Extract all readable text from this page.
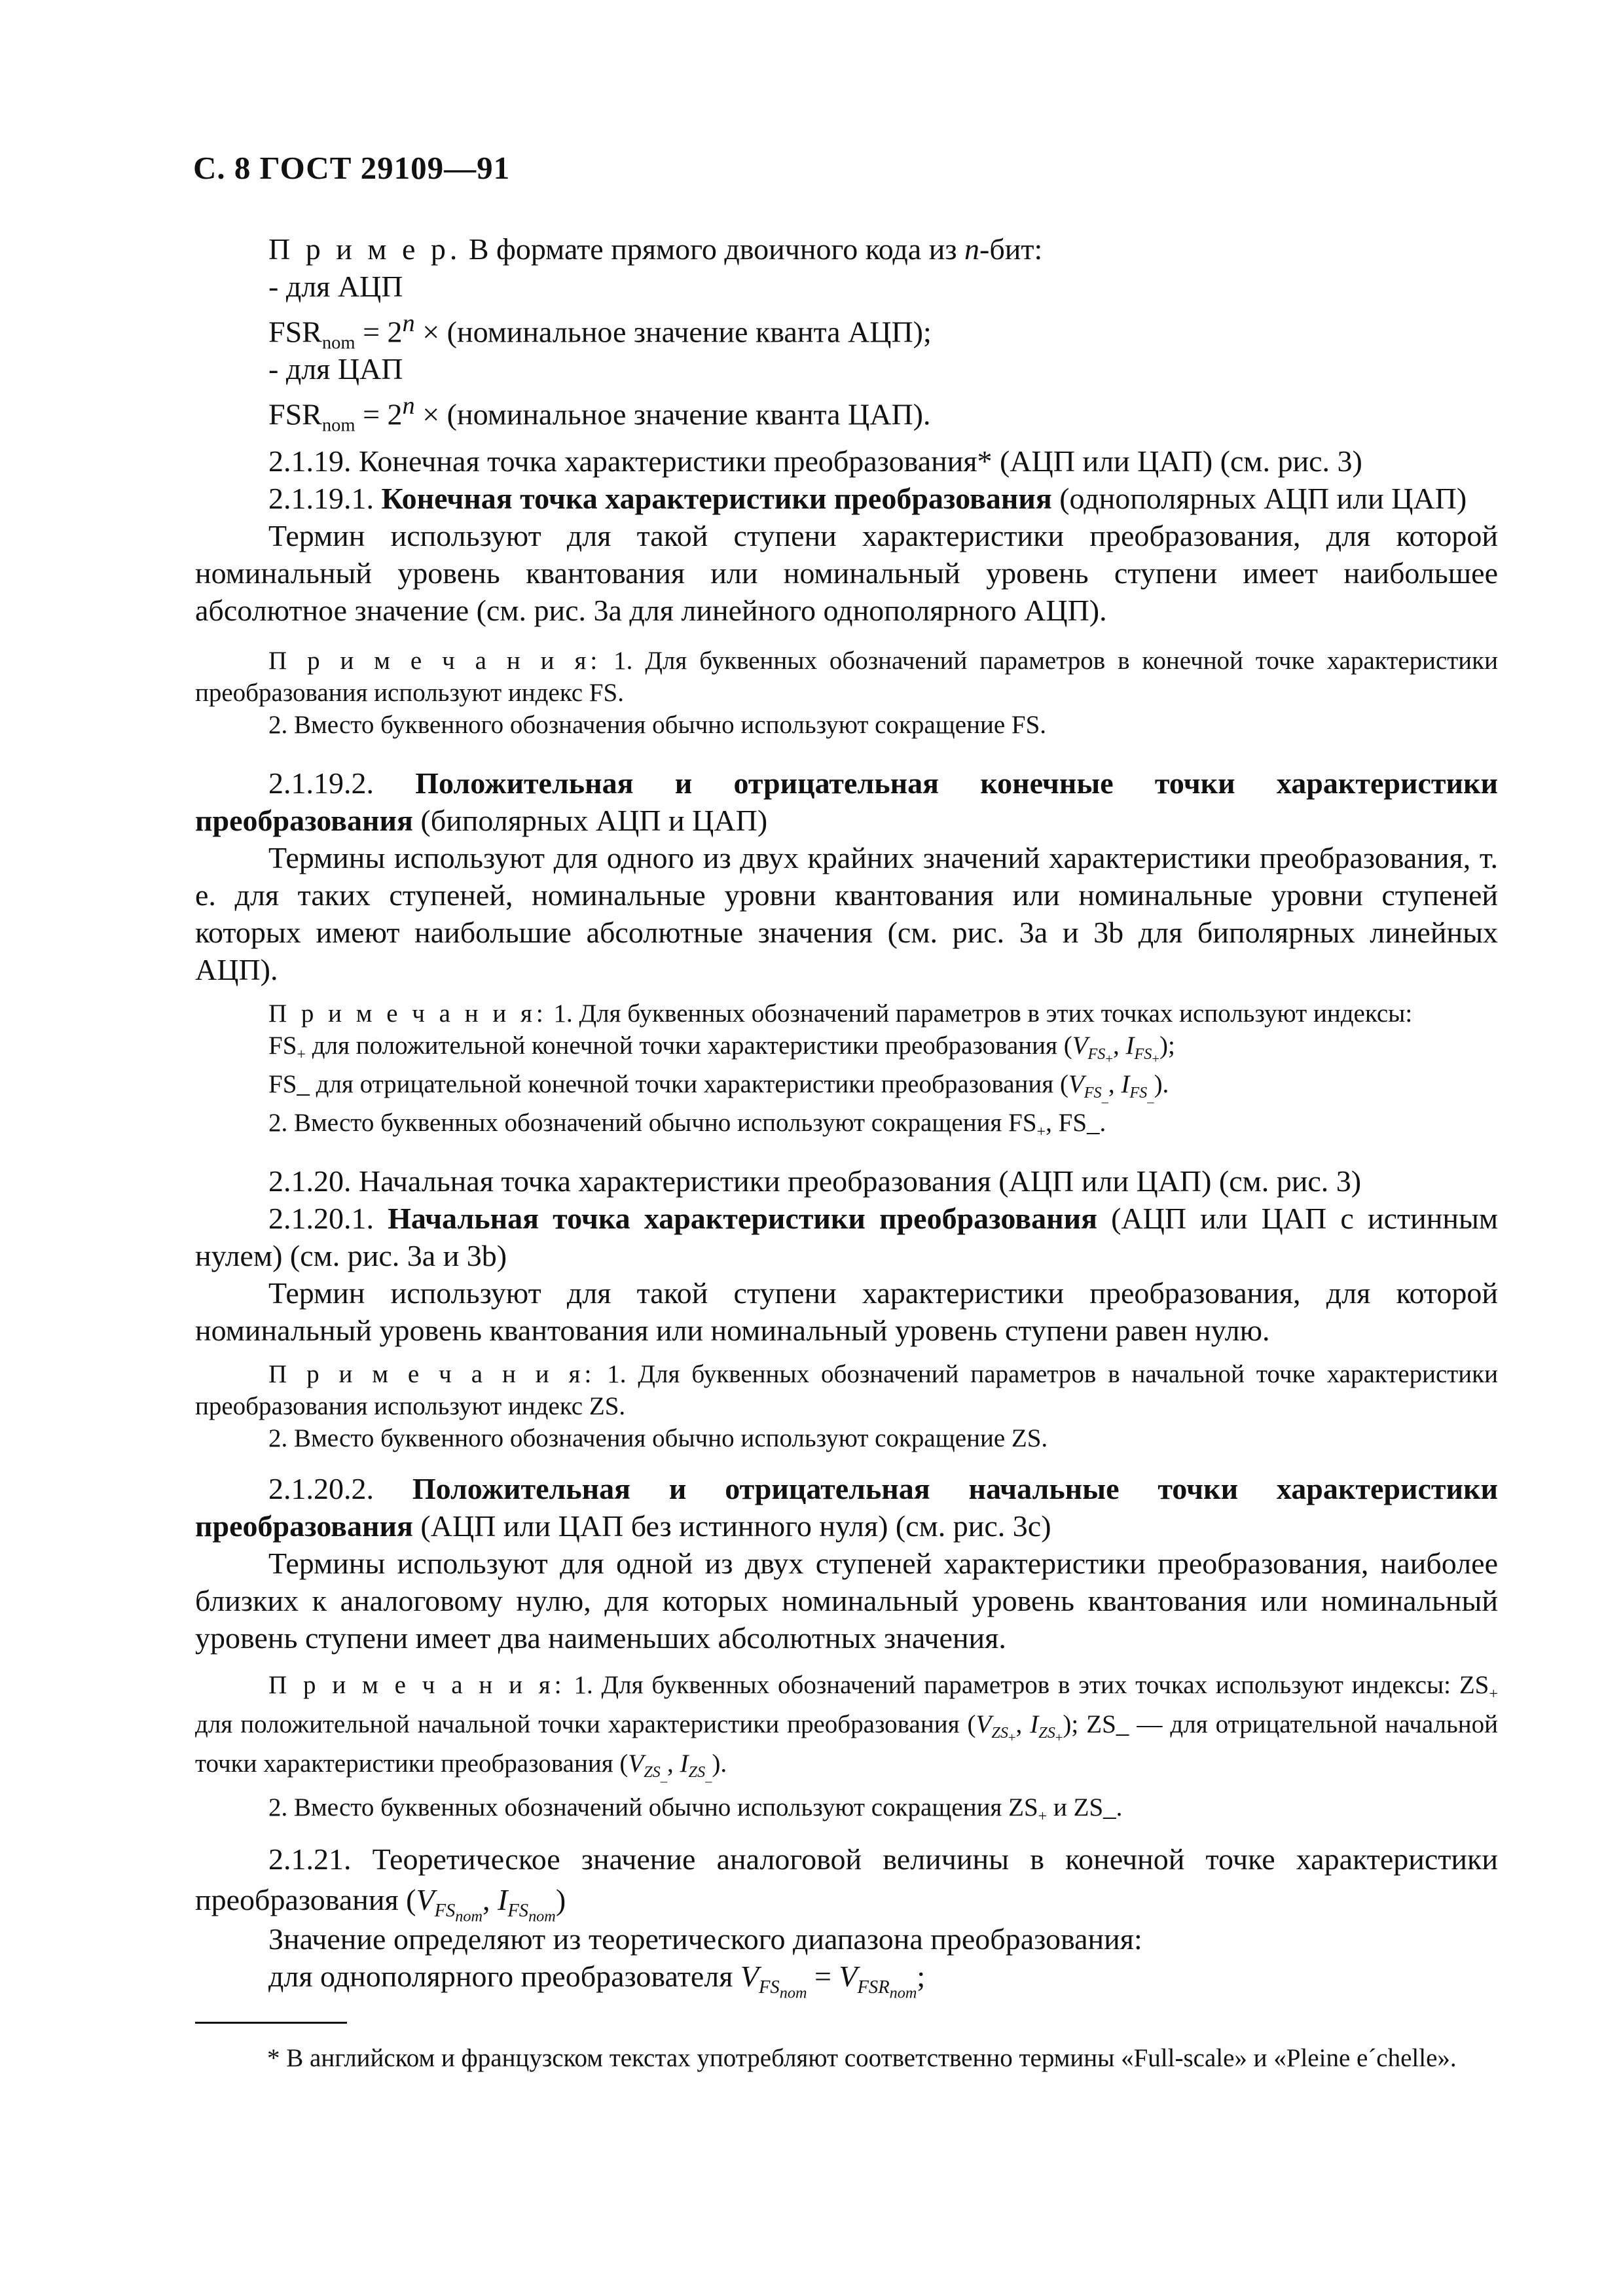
С. 8 ГОСТ 29109—91

П р и м е р. В формате прямого двоичного кода из n-бит:

- для АЦП

$FSR_{nom} = 2^n$ × (номинальное значение кванта АЦП);

- для ЦАП

$FSR_{nom} = 2^n$ × (номинальное значение кванта ЦАП).

2.1.19. Конечная точка характеристики преобразования* (АЦП или ЦАП) (см. рис. 3)

2.1.19.1. Конечная точка характеристики преобразования (однополярных АЦП или ЦАП)

Термин используют для такой ступени характеристики преобразования, для которой номинальный уровень квантования или номинальный уровень ступени имеет наибольшее абсолютное значение (см. рис. 3а для линейного однополярного АЦП).

П р и м е ч а н и я: 1. Для буквенных обозначений параметров в конечной точке характеристики преобразования используют индекс FS.

2. Вместо буквенного обозначения обычно используют сокращение FS.

2.1.19.2. Положительная и отрицательная конечные точки характеристики преобразования (биполярных АЦП и ЦАП)

Термины используют для одного из двух крайних значений характеристики преобразования, т. е. для таких ступеней, номинальные уровни квантования или номинальные уровни ступеней которых имеют наибольшие абсолютные значения (см. рис. 3а и 3b для биполярных линейных АЦП).

П р и м е ч а н и я: 1. Для буквенных обозначений параметров в этих точках используют индексы:

$FS_+$ для положительной конечной точки характеристики преобразования ($V_{FS_+}$, $I_{FS_+}$);

FS_ для отрицательной конечной точки характеристики преобразования ($V_{FS_{\_}}$, $I_{FS_{\_}}$).

2. Вместо буквенных обозначений обычно используют сокращения $FS_+$, FS_.

2.1.20. Начальная точка характеристики преобразования (АЦП или ЦАП) (см. рис. 3)

2.1.20.1. Начальная точка характеристики преобразования (АЦП или ЦАП с истинным нулем) (см. рис. 3а и 3b)

Термин используют для такой ступени характеристики преобразования, для которой номинальный уровень квантования или номинальный уровень ступени равен нулю.

П р и м е ч а н и я: 1. Для буквенных обозначений параметров в начальной точке характеристики преобразования используют индекс ZS.

2. Вместо буквенного обозначения обычно используют сокращение ZS.

2.1.20.2. Положительная и отрицательная начальные точки характеристики преобразования (АЦП или ЦАП без истинного нуля) (см. рис. 3с)

Термины используют для одной из двух ступеней характеристики преобразования, наиболее близких к аналоговому нулю, для которых номинальный уровень квантования или номинальный уровень ступени имеет два наименьших абсолютных значения.

П р и м е ч а н и я: 1. Для буквенных обозначений параметров в этих точках используют индексы: $ZS_+$ для положительной начальной точки характеристики преобразования ($V_{ZS_+}$, $I_{ZS_+}$); ZS_ — для отрицательной начальной точки характеристики преобразования ($V_{ZS_{\_}}$, $I_{ZS_{\_}}$).

2. Вместо буквенных обозначений обычно используют сокращения $ZS_+$ и ZS_.

2.1.21. Теоретическое значение аналоговой величины в конечной точке характеристики преобразования ($V_{FS_{nom}}$, $I_{FS_{nom}}$)

Значение определяют из теоретического диапазона преобразования:

для однополярного преобразователя $V_{FS_{nom}} = V_{FSR_{nom}}$;

* В английском и французском текстах употребляют соответственно термины «Full-scale» и «Pleine e´chelle».
